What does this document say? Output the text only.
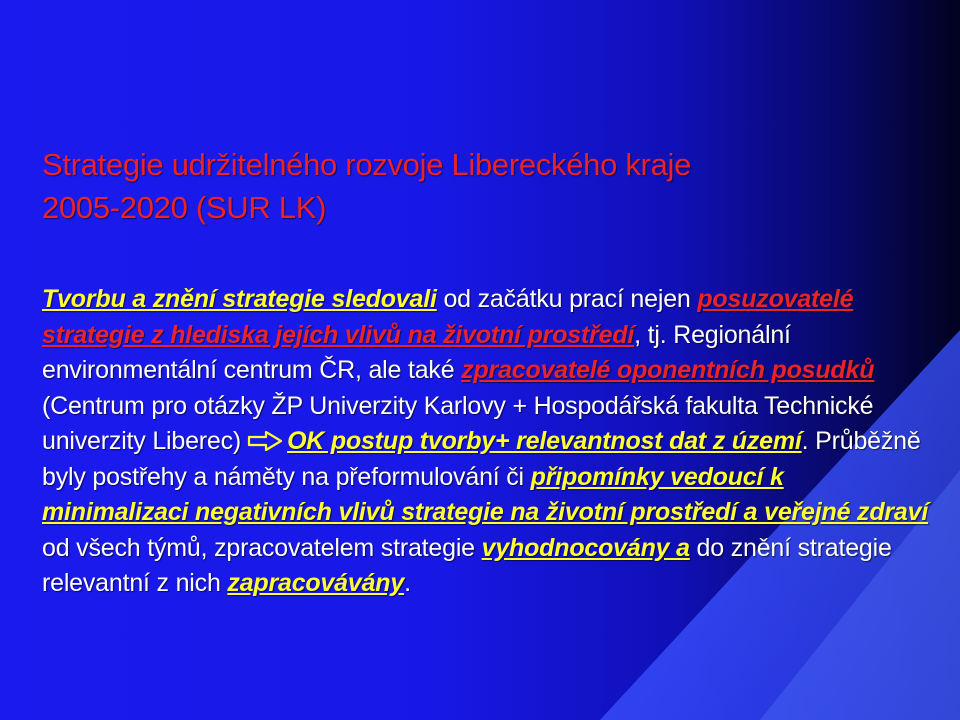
Strategie udržitelného rozvoje Libereckého kraje
2005-2020 (SUR LK)

Tvorbu a znění strategie sledovali od začátku prací nejen posuzovatelé strategie z hlediska jejích vlivů na životní prostředí, tj. Regionální environmentální centrum ČR, ale také zpracovatelé oponentních posudků (Centrum pro otázky ŽP Univerzity Karlovy + Hospodářská fakulta Technické univerzity Liberec) OK postup tvorby+ relevantnost dat z území. Průběžně byly postřehy a náměty na přeformulování či připomínky vedoucí k minimalizaci negativních vlivů strategie na životní prostředí a veřejné zdraví od všech týmů, zpracovatelem strategie vyhodnocovány a do znění strategie relevantní z nich zapracovávány.
